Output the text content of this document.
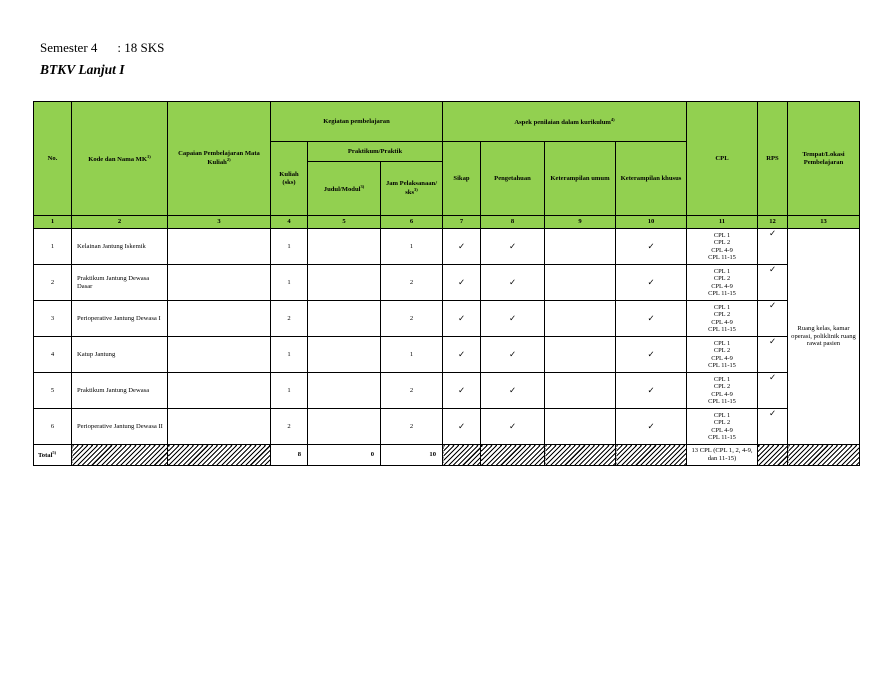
Semester 4 : 18 SKS
BTKV Lanjut I
No.	Kode dan Nama MK$^{1)}$	Capaian Pembelajaran Mata Kuliah$^{2)}$	Kegiatan pembelajaran			Aspek penilaian dalam kurikulum$^{4)}$				CPL	RPS	Tempat/Lokasi Pembelajaran
			Kuliah (sks)	Praktikum/Praktik		Sikap	Pengetahuan	Keterampilan umum	Keterampilan khusus			
				Judul/Modul$^{3)}$	Jam Pelaksanaan/ sks$^{3)}$
1	2	3	4	5	6	7	8	9	10	11	12	13
1	Kelainan Jantung Iskemik		1		1	✓	✓		✓	CPL 1
CPL 2
CPL 4-9
CPL 11-15	✓	Ruang kelas, kamar operasi, poliklinik ruang rawat pasien
2	Praktikum Jantung Dewasa Dasar		1		2	✓	✓		✓	CPL 1
CPL 2
CPL 4-9
CPL 11-15	✓	
3	Perioperative Jantung Dewasa I		2		2	✓	✓		✓	CPL 1
CPL 2
CPL 4-9
CPL 11-15	✓	
4	Katup Jantung		1		1	✓	✓		✓	CPL 1
CPL 2
CPL 4-9
CPL 11-15	✓	
5	Praktikum Jantung Dewasa		1		2	✓	✓		✓	CPL 1
CPL 2
CPL 4-9
CPL 11-15	✓	
6	Perioperative Jantung Dewasa II		2		2	✓	✓		✓	CPL 1
CPL 2
CPL 4-9
CPL 11-15	✓	
Total$^{5)}$			8	0	10					13 CPL (CPL 1, 2, 4-9, dan 11-15)		
